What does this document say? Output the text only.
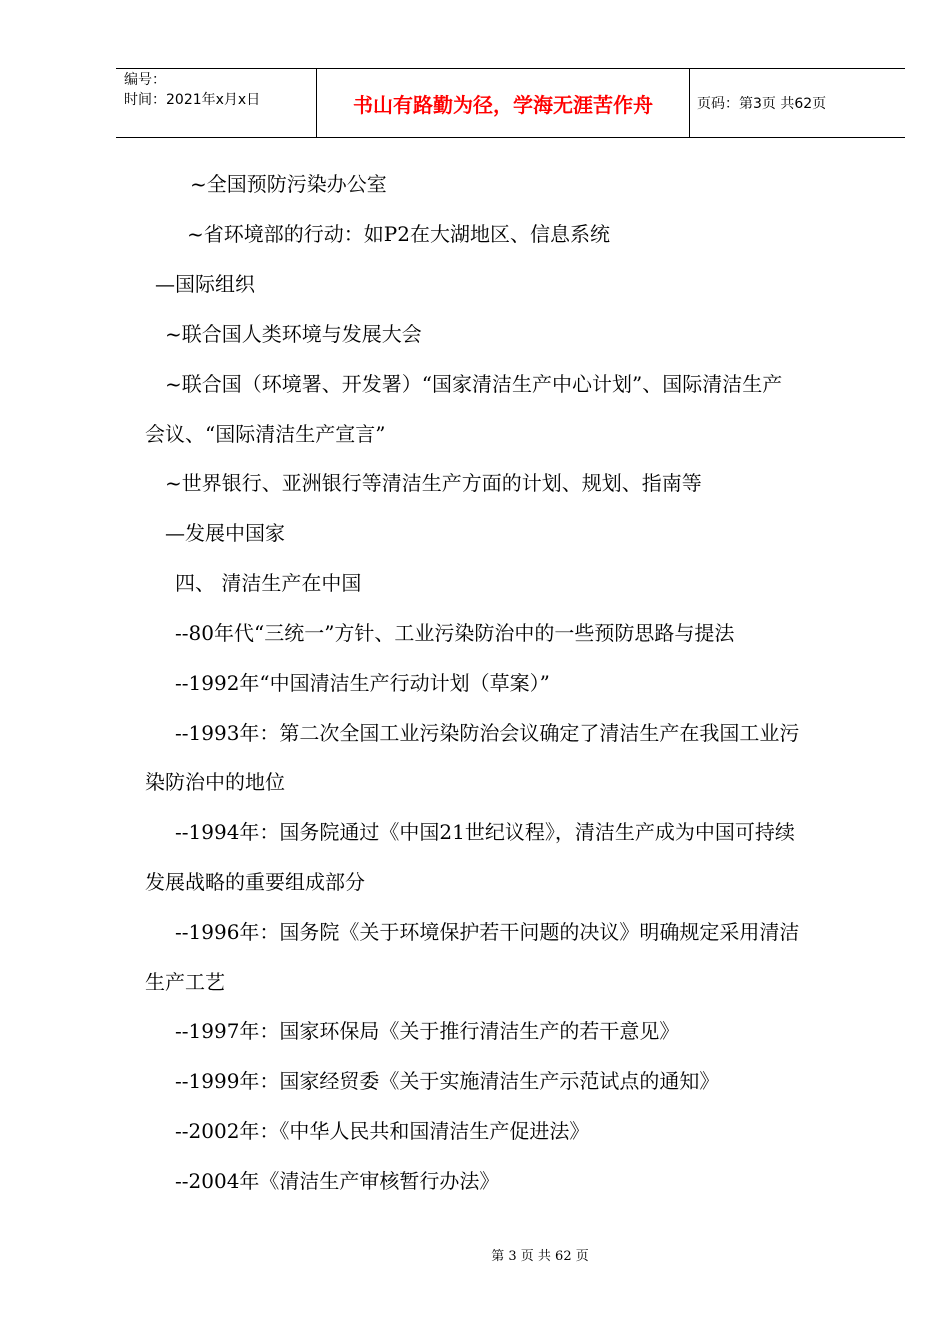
编号：
时间：2021年x月x日	书山有路勤为径，学海无涯苦作舟	页码：第3页 共62页
~全国预防污染办公室
~省环境部的行动：如P2在大湖地区、信息系统
—国际组织
~联合国人类环境与发展大会
~联合国（环境署、开发署）“国家清洁生产中心计划”、国际清洁生产
会议、“国际清洁生产宣言”
~世界银行、亚洲银行等清洁生产方面的计划、规划、指南等
—发展中国家
四、 清洁生产在中国
--80年代“三统一”方针、工业污染防治中的一些预防思路与提法
--1992年“中国清洁生产行动计划（草案）”
--1993年：第二次全国工业污染防治会议确定了清洁生产在我国工业污
染防治中的地位
--1994年：国务院通过《中国21世纪议程》，清洁生产成为中国可持续
发展战略的重要组成部分
--1996年：国务院《关于环境保护若干问题的决议》明确规定采用清洁
生产工艺
--1997年：国家环保局《关于推行清洁生产的若干意见》
--1999年：国家经贸委《关于实施清洁生产示范试点的通知》
--2002年：《中华人民共和国清洁生产促进法》
--2004年《清洁生产审核暂行办法》
第 3 页 共 62 页
